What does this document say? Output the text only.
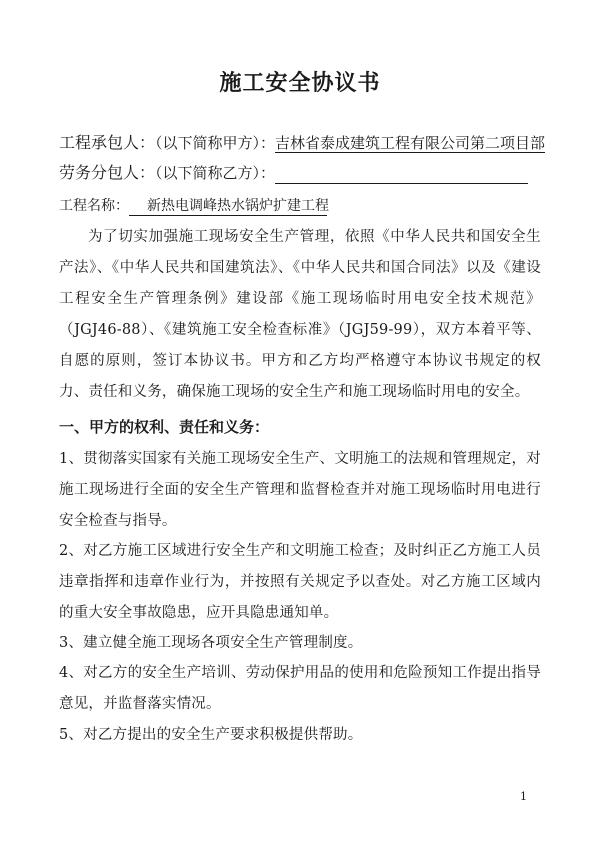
施工安全协议书
工程承包人：（以下简称甲方）：吉林省泰成建筑工程有限公司第二项目部
劳务分包人：（以下简称乙方）：
工程名称： 新热电调峰热水锅炉扩建工程
为了切实加强施工现场安全生产管理，依照《中华人民共和国安全生产法》、《中华人民共和国建筑法》、《中华人民共和国合同法》以及《建设工程安全生产管理条例》建设部《施工现场临时用电安全技术规范》（JGJ46-88）、《建筑施工安全检查标准》（JGJ59-99），双方本着平等、自愿的原则，签订本协议书。甲方和乙方均严格遵守本协议书规定的权力、责任和义务，确保施工现场的安全生产和施工现场临时用电的安全。
一、甲方的权利、责任和义务：
1、贯彻落实国家有关施工现场安全生产、文明施工的法规和管理规定，对施工现场进行全面的安全生产管理和监督检查并对施工现场临时用电进行安全检查与指导。
2、对乙方施工区域进行安全生产和文明施工检查；及时纠正乙方施工人员违章指挥和违章作业行为，并按照有关规定予以查处。对乙方施工区域内的重大安全事故隐患，应开具隐患通知单。
3、建立健全施工现场各项安全生产管理制度。
4、对乙方的安全生产培训、劳动保护用品的使用和危险预知工作提出指导意见，并监督落实情况。
5、对乙方提出的安全生产要求积极提供帮助。
1
